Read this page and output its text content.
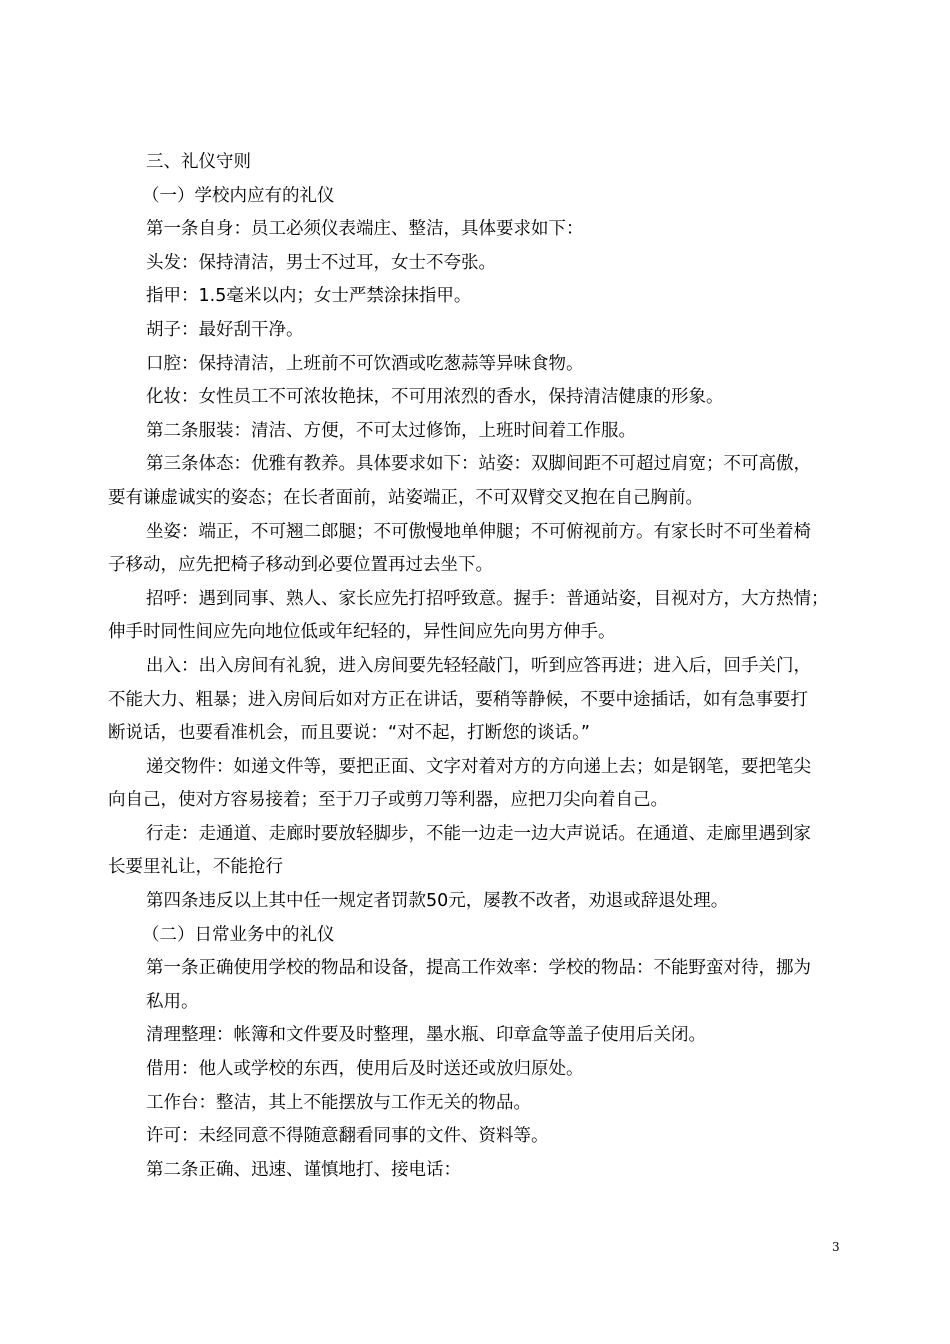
三、礼仪守则
（一）学校内应有的礼仪
第一条自身：员工必须仪表端庄、整洁，具体要求如下：
头发：保持清洁，男士不过耳，女士不夸张。
指甲：1.5毫米以内；女士严禁涂抹指甲。
胡子：最好刮干净。
口腔：保持清洁，上班前不可饮酒或吃葱蒜等异味食物。
化妆：女性员工不可浓妆艳抹，不可用浓烈的香水，保持清洁健康的形象。
第二条服装：清洁、方便，不可太过修饰，上班时间着工作服。
第三条体态：优雅有教养。具体要求如下：站姿：双脚间距不可超过肩宽；不可高傲，
要有谦虚诚实的姿态；在长者面前，站姿端正，不可双臂交叉抱在自己胸前。
坐姿：端正，不可翘二郎腿；不可傲慢地单伸腿；不可俯视前方。有家长时不可坐着椅
子移动，应先把椅子移动到必要位置再过去坐下。
招呼：遇到同事、熟人、家长应先打招呼致意。握手：普通站姿，目视对方，大方热情；
伸手时同性间应先向地位低或年纪轻的，异性间应先向男方伸手。
出入：出入房间有礼貌，进入房间要先轻轻敲门，听到应答再进；进入后，回手关门，
不能大力、粗暴；进入房间后如对方正在讲话，要稍等静候，不要中途插话，如有急事要打
断说话，也要看准机会，而且要说：“对不起，打断您的谈话。”
递交物件：如递文件等，要把正面、文字对着对方的方向递上去；如是钢笔，要把笔尖
向自己，使对方容易接着；至于刀子或剪刀等利器，应把刀尖向着自己。
行走：走通道、走廊时要放轻脚步，不能一边走一边大声说话。在通道、走廊里遇到家
长要里礼让，不能抢行
第四条违反以上其中任一规定者罚款50元，屡教不改者，劝退或辞退处理。
（二）日常业务中的礼仪
第一条正确使用学校的物品和设备，提高工作效率：学校的物品：不能野蛮对待，挪为
私用。
清理整理：帐簿和文件要及时整理，墨水瓶、印章盒等盖子使用后关闭。
借用：他人或学校的东西，使用后及时送还或放归原处。
工作台：整洁，其上不能摆放与工作无关的物品。
许可：未经同意不得随意翻看同事的文件、资料等。
第二条正确、迅速、谨慎地打、接电话：
3
